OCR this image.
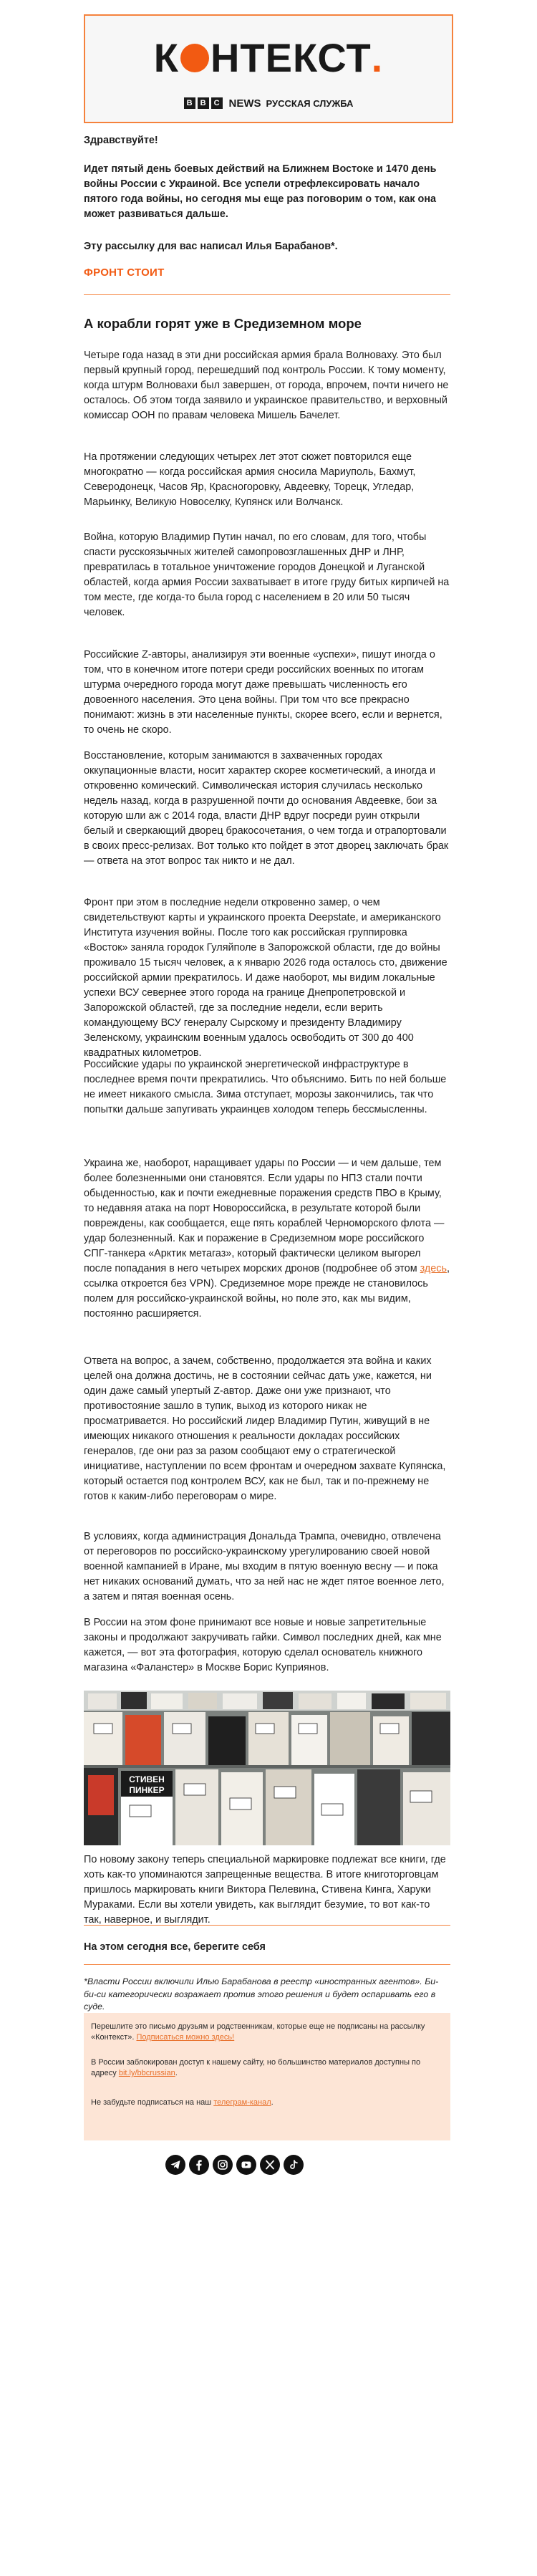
К НТЕКСТ .
B	B	C NEWS РУССКАЯ СЛУЖБА

Здравствуйте!

Идет пятый день боевых действий на Ближнем Востоке и 1470 день войны России с Украиной. Все успели отрефлексировать начало пятого года войны, но сегодня мы еще раз поговорим о том, как она может развиваться дальше.

Эту рассылку для вас написал Илья Барабанов*.

ФРОНТ СТОИТ
А корабли горят уже в Средиземном море

Четыре года назад в эти дни российская армия брала Волноваху. Это был первый крупный город, перешедший под контроль России. К тому моменту, когда штурм Волновахи был завершен, от города, впрочем, почти ничего не осталось. Об этом тогда заявило и украинское правительство, и верховный комиссар ООН по правам человека Мишель Бачелет.

На протяжении следующих четырех лет этот сюжет повторился еще многократно — когда российская армия сносила Мариуполь, Бахмут, Северодонецк, Часов Яр, Красногоровку, Авдеевку, Торецк, Угледар, Марьинку, Великую Новоселку, Купянск или Волчанск.

Война, которую Владимир Путин начал, по его словам, для того, чтобы спасти русскоязычных жителей самопровозглашенных ДНР и ЛНР, превратилась в тотальное уничтожение городов Донецкой и Луганской областей, когда армия России захватывает в итоге груду битых кирпичей на том месте, где когда-то была город с населением в 20 или 50 тысяч человек.

Российские Z-авторы, анализируя эти военные «успехи», пишут иногда о том, что в конечном итоге потери среди российских военных по итогам штурма очередного города могут даже превышать численность его довоенного населения. Это цена войны. При том что все прекрасно понимают: жизнь в эти населенные пункты, скорее всего, если и вернется, то очень не скоро.

Восстановление, которым занимаются в захваченных городах оккупационные власти, носит характер скорее косметический, а иногда и откровенно комический. Символическая история случилась несколько недель назад, когда в разрушенной почти до основания Авдеевке, бои за которую шли аж с 2014 года, власти ДНР вдруг посреди руин открыли белый и сверкающий дворец бракосочетания, о чем тогда и отрапортовали в своих пресс-релизах. Вот только кто пойдет в этот дворец заключать брак — ответа на этот вопрос так никто и не дал.

Фронт при этом в последние недели откровенно замер, о чем свидетельствуют карты и украинского проекта Deepstate, и американского Института изучения войны. После того как российская группировка «Восток» заняла городок Гуляйполе в Запорожской области, где до войны проживало 15 тысяч человек, а к январю 2026 года осталось сто, движение российской армии прекратилось. И даже наоборот, мы видим локальные успехи ВСУ севернее этого города на границе Днепропетровской и Запорожской областей, где за последние недели, если верить командующему ВСУ генералу Сырскому и президенту Владимиру Зеленскому, украинским военным удалось освободить от 300 до 400 квадратных километров.

Российские удары по украинской энергетической инфраструктуре в последнее время почти прекратились. Что объяснимо. Бить по ней больше не имеет никакого смысла. Зима отступает, морозы закончились, так что попытки дальше запугивать украинцев холодом теперь бессмысленны.

Украина же, наоборот, наращивает удары по России — и чем дальше, тем более болезненными они становятся. Если удары по НПЗ стали почти обыденностью, как и почти ежедневные поражения средств ПВО в Крыму, то недавняя атака на порт Новороссийска, в результате которой были повреждены, как сообщается, еще пять кораблей Черноморского флота — удар болезненный. Как и поражение в Средиземном море российского СПГ-танкера «Арктик метагаз», который фактически целиком выгорел после попадания в него четырех морских дронов (подробнее об этом здесь, ссылка откроется без VPN). Средиземное море прежде не становилось полем для российско-украинской войны, но поле это, как мы видим, постоянно расширяется.

Ответа на вопрос, а зачем, собственно, продолжается эта война и каких целей она должна достичь, не в состоянии сейчас дать уже, кажется, ни один даже самый упертый Z-автор. Даже они уже признают, что противостояние зашло в тупик, выход из которого никак не просматривается. Но российский лидер Владимир Путин, живущий в не имеющих никакого отношения к реальности докладах российских генералов, где они раз за разом сообщают ему о стратегической инициативе, наступлении по всем фронтам и очередном захвате Купянска, который остается под контролем ВСУ, как не был, так и по-прежнему не готов к каким-либо переговорам о мире.

В условиях, когда администрация Дональда Трампа, очевидно, отвлечена от переговоров по российско-украинскому урегулированию своей новой военной кампанией в Иране, мы входим в пятую военную весну — и пока нет никаких оснований думать, что за ней нас не ждет пятое военное лето, а затем и пятая военная осень.

В России на этом фоне принимают все новые и новые запретительные законы и продолжают закручивать гайки. Символ последних дней, как мне кажется, — вот эта фотография, которую сделал основатель книжного магазина «Фаланстер» в Москве Борис Куприянов.

СТИВЕН
ПИНКЕР

По новому закону теперь специальной маркировке подлежат все книги, где хоть как-то упоминаются запрещенные вещества. В итоге книготорговцам пришлось маркировать книги Виктора Пелевина, Стивена Кинга, Харуки Мураками. Если вы хотели увидеть, как выглядит безумие, то вот как-то так, наверное, и выглядит.

На этом сегодня все, берегите себя

*Власти России включили Илью Барабанова в реестр «иностранных агентов». Би-би-си категорически возражает против этого решения и будет оспаривать его в суде.

Перешлите это письмо друзьям и родственникам, которые еще не подписаны на рассылку «Контекст». Подписаться можно здесь!

В России заблокирован доступ к нашему сайту, но большинство материалов доступны по адресу bit.ly/bbcrussian.

Не забудьте подписаться на наш телеграм-канал.
